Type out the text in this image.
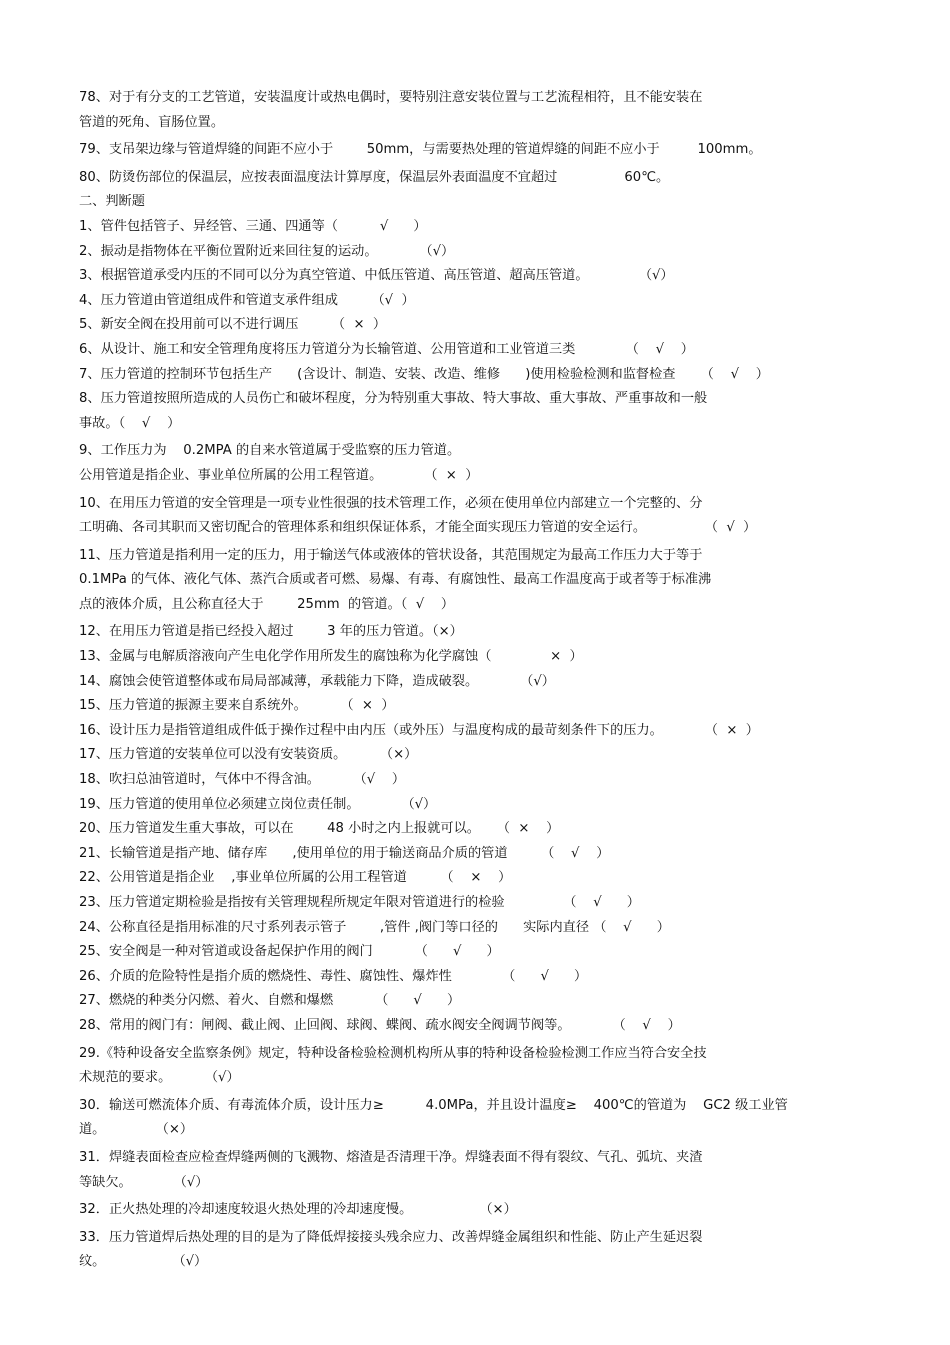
78、对于有分支的工艺管道，安装温度计或热电偶时，要特别注意安装位置与工艺流程相符，且不能安装在
管道的死角、盲肠位置。
79、支吊架边缘与管道焊缝的间距不应小于        50mm，与需要热处理的管道焊缝的间距不应小于         100mm。
80、防烫伤部位的保温层，应按表面温度法计算厚度，保温层外表面温度不宜超过                60℃。
二、判断题
1、管件包括管子、异经管、三通、四通等（          √      ）
2、振动是指物体在平衡位置附近来回往复的运动。          （√）
3、根据管道承受内压的不同可以分为真空管道、中低压管道、高压管道、超高压管道。            （√）
4、压力管道由管道组成件和管道支承件组成        （√  ）
5、新安全阀在投用前可以不进行调压        （  ×  ）
6、从设计、施工和安全管理角度将压力管道分为长输管道、公用管道和工业管道三类            （    √    ）
7、压力管道的控制环节包括生产      (含设计、制造、安装、改造、维修      )使用检验检测和监督检查      （    √    ）
8、压力管道按照所造成的人员伤亡和破坏程度，分为特别重大事故、特大事故、重大事故、严重事故和一般
事故。（    √    ）
9、工作压力为    0.2MPA 的自来水管道属于受监察的压力管道。
公用管道是指企业、事业单位所属的公用工程管道。          （  ×  ）
10、在用压力管道的安全管理是一项专业性很强的技术管理工作，必须在使用单位内部建立一个完整的、分
工明确、各司其职而又密切配合的管理体系和组织保证体系，才能全面实现压力管道的安全运行。              （  √  ）
11、压力管道是指利用一定的压力，用于输送气体或液体的管状设备，其范围规定为最高工作压力大于等于
0.1MPa 的气体、液化气体、蒸汽合质或者可燃、易爆、有毒、有腐蚀性、最高工作温度高于或者等于标准沸
点的液体介质，且公称直径大于        25mm  的管道。（  √    ）
12、在用压力管道是指已经投入超过        3 年的压力管道。（×）
13、金属与电解质溶液向产生电化学作用所发生的腐蚀称为化学腐蚀（              ×  ）
14、腐蚀会使管道整体或布局局部减薄，承载能力下降，造成破裂。          （√）
15、压力管道的振源主要来自系统外。        （  ×  ）
16、设计压力是指管道组成件低于操作过程中由内压（或外压）与温度构成的最苛刻条件下的压力。          （  ×  ）
17、压力管道的安装单位可以没有安装资质。        （×）
18、吹扫总油管道时，气体中不得含油。        （√    ）
19、压力管道的使用单位必须建立岗位责任制。          （√）
20、压力管道发生重大事故，可以在        48 小时之内上报就可以。    （  ×    ）
21、长输管道是指产地、储存库      ,使用单位的用于输送商品介质的管道        （    √    ）
22、公用管道是指企业    ,事业单位所属的公用工程管道        （    ×    ）
23、压力管道定期检验是指按有关管理规程所规定年限对管道进行的检验              （    √      ）
24、公称直径是指用标准的尺寸系列表示管子        ,管件 ,阀门等口径的      实际内直径 （    √      ）
25、安全阀是一种对管道或设备起保护作用的阀门          （      √      ）
26、介质的危险特性是指介质的燃烧性、毒性、腐蚀性、爆炸性            （      √      ）
27、燃烧的种类分闪燃、着火、自燃和爆燃          （      √      ）
28、常用的阀门有：闸阀、截止阀、止回阀、球阀、蝶阀、疏水阀安全阀调节阀等。          （    √    ）
29.《特种设备安全监察条例》规定，特种设备检验检测机构所从事的特种设备检验检测工作应当符合安全技
术规范的要求。        （√）
30．输送可燃流体介质、有毒流体介质，设计压力≥          4.0MPa，并且设计温度≥    400℃的管道为    GC2 级工业管
道。            （×）
31．焊缝表面检查应检查焊缝两侧的飞溅物、熔渣是否清理干净。焊缝表面不得有裂纹、气孔、弧坑、夹渣
等缺欠。          （√）
32．正火热处理的冷却速度较退火热处理的冷却速度慢。                （×）
33．压力管道焊后热处理的目的是为了降低焊接接头残余应力、改善焊缝金属组织和性能、防止产生延迟裂
纹。                （√）
